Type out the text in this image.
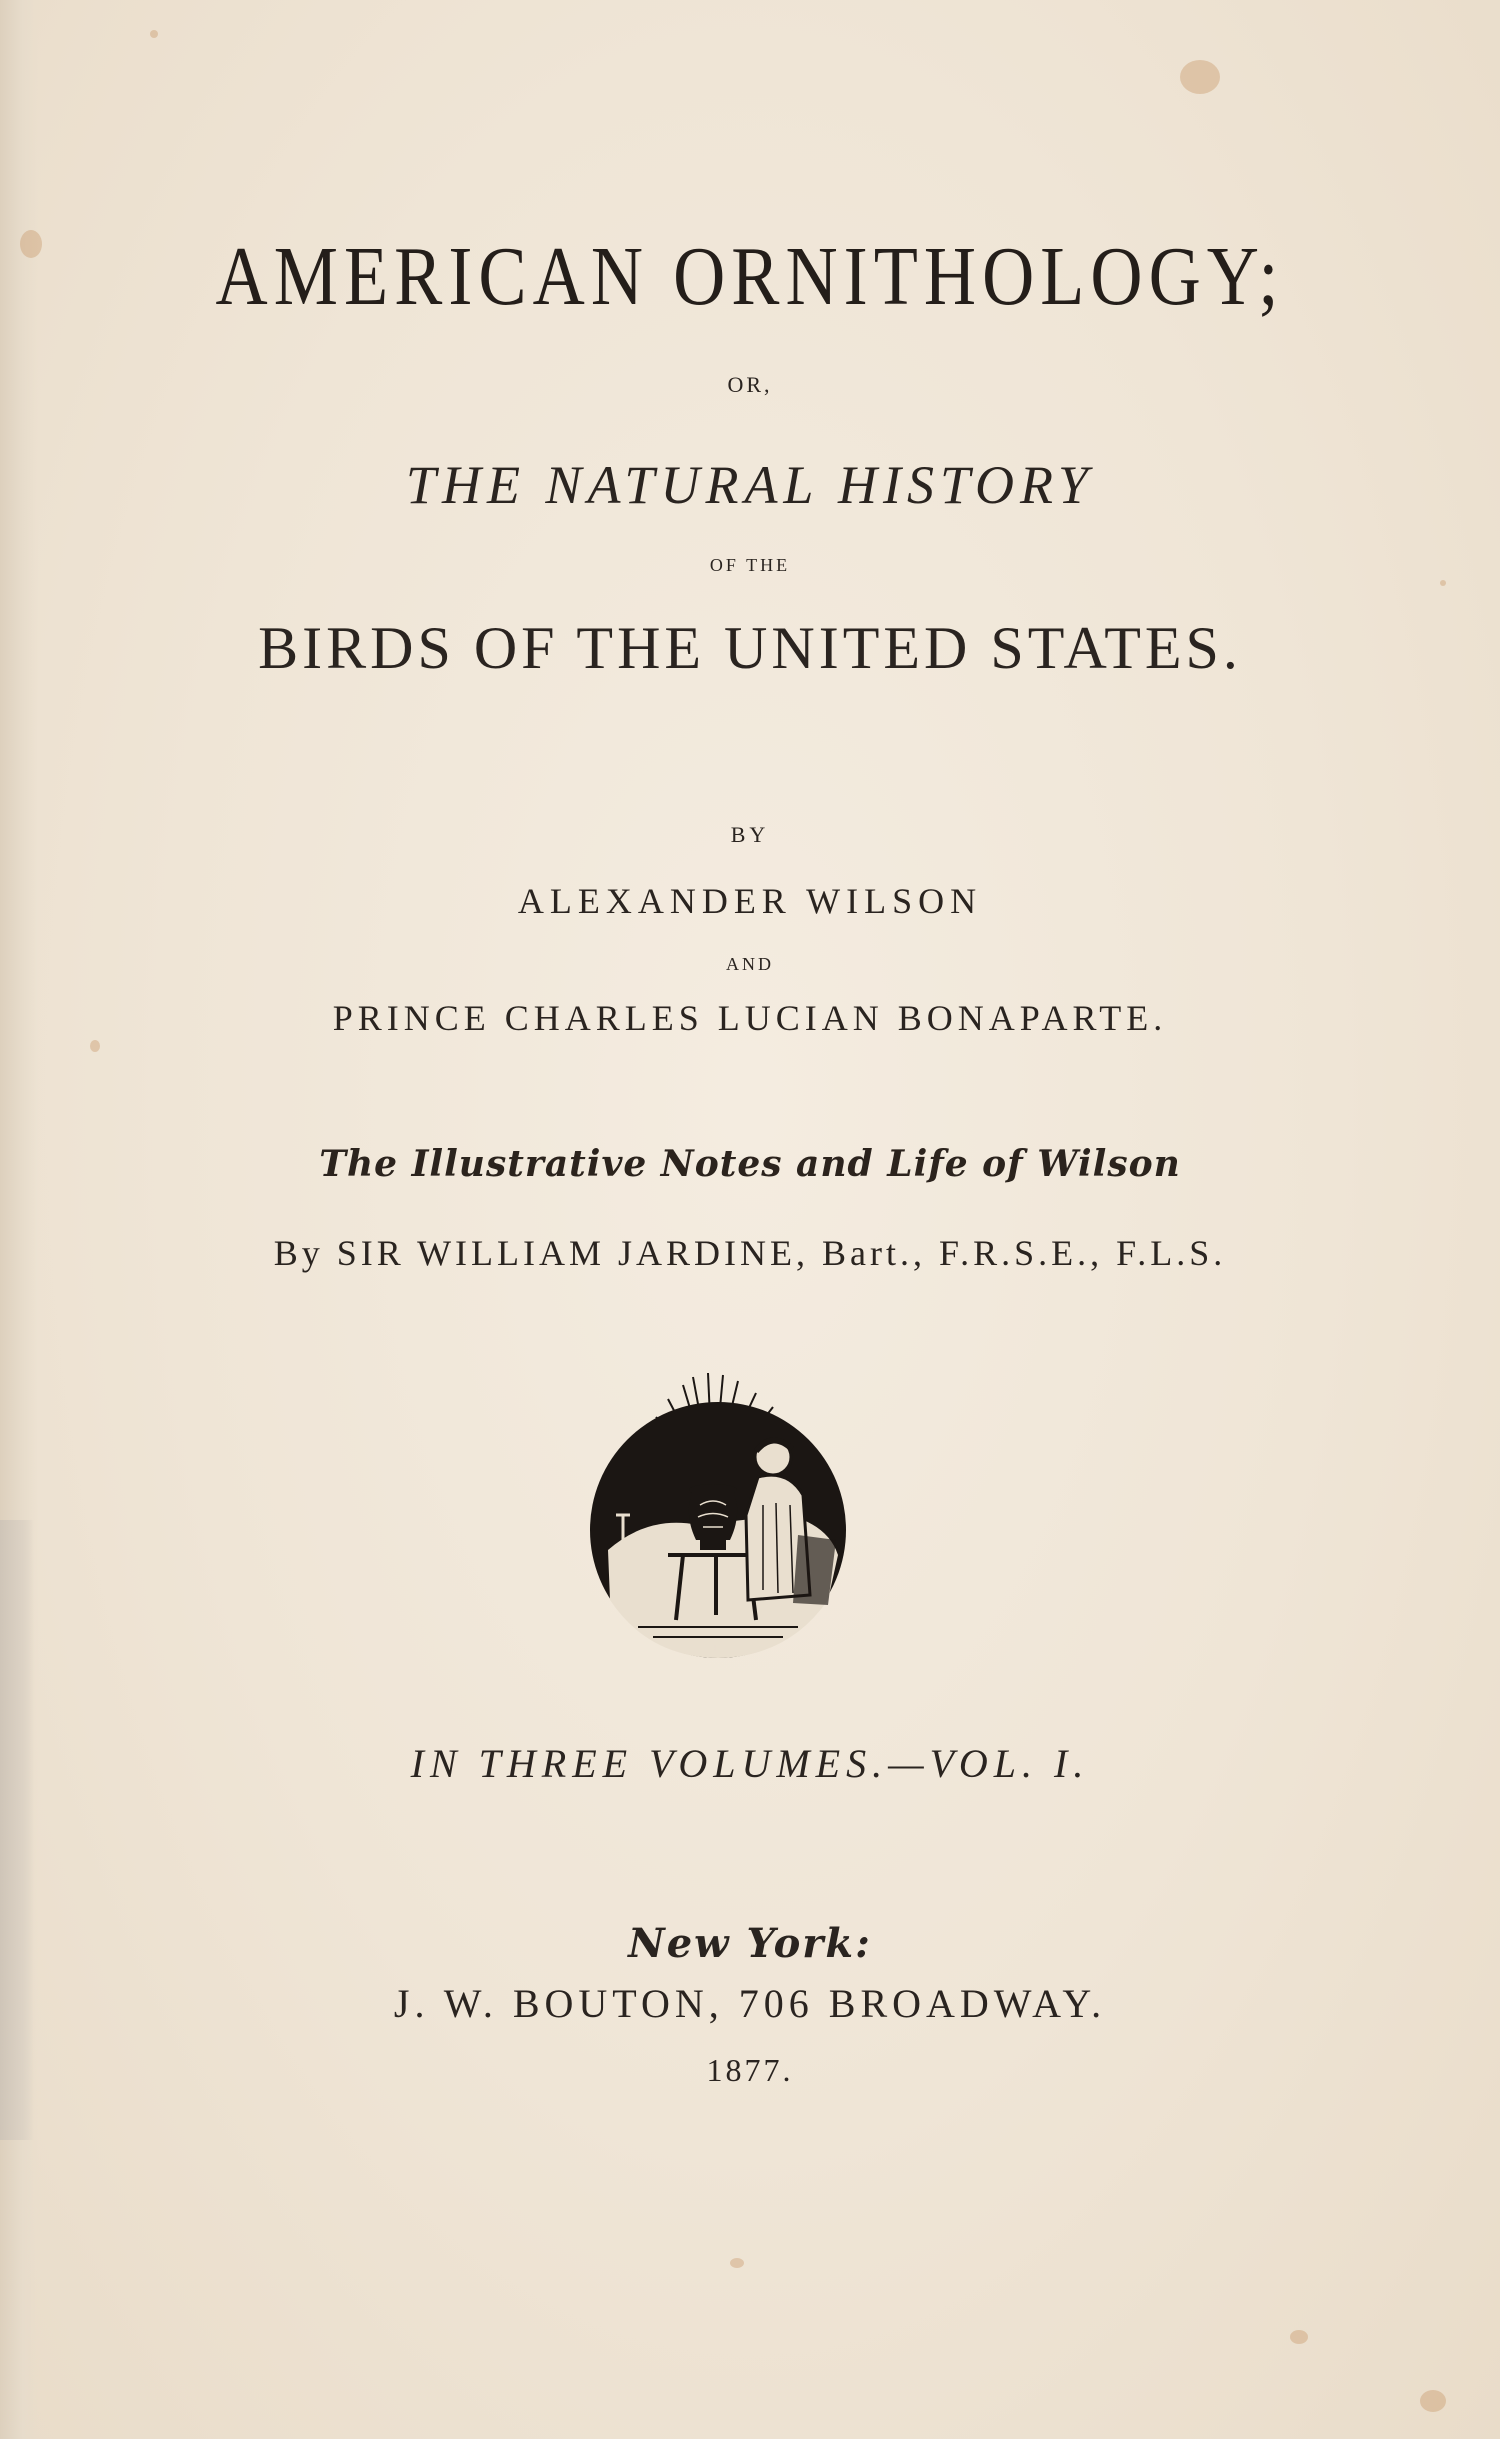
AMERICAN ORNITHOLOGY;

OR,

THE NATURAL HISTORY

OF THE

BIRDS OF THE UNITED STATES.

BY

ALEXANDER WILSON

AND

PRINCE CHARLES LUCIAN BONAPARTE.

The Illustrative Notes and Life of Wilson

By SIR WILLIAM JARDINE, Bart., F.R.S.E., F.L.S.

HS

IN THREE VOLUMES.—VOL. I.

New York:

J. W. BOUTON, 706 BROADWAY.

1877.
